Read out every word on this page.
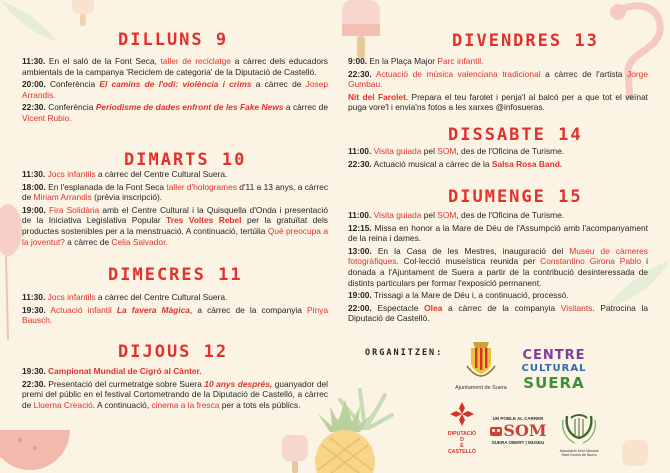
DILLUNS 9

11:30. En el saló de la Font Seca, taller de reciclatge a càrrec dels educadors ambientals de la campanya 'Reciclem de categoria' de la Diputació de Castelló.

20:00. Conferència El camins de l'odi: violència i crims a càrrec de Josep Arrandis.

22:30. Conferència Periodisme de dades enfront de les Fake News a càrrec de Vicent Rubio.

DIMARTS 10

11:30. Jocs infantils a càrrec del Centre Cultural Suera.

18:00. En l'esplanada de la Font Seca taller d'hologrames d'11 a 13 anys, a càrrec de Miriam Arrandis (prèvia inscripció).

19:00. Fira Solidària amb el Centre Cultural i la Quisquella d'Onda i presentació de la Iniciativa Legislativa Popular Tres Voltes Rebel per la gratuïtat dels productes sostenibles per a la menstruació. A continuació, tertúlia Qué preocupa a la joventut? a càrrec de Celia Salvador.

DIMECRES 11

11:30. Jocs infantils a càrrec del Centre Cultural Suera.

19:30. Actuació infantil La favera Màgica, a càrrec de la companyia Pinya Bausch.

DIJOUS 12

19:30. Campionat Mundial de Cigró al Cànter.

22:30. Presentació del curmetratge sobre Suera 10 anys després, guanyador del premi del públic en el festival Cortometrando de la Diputació de Castelló, a càrrec de Lluerna Creació. A continuació, cinema a la fresca per a tots els públics.

DIVENDRES 13

9:00. En la Plaça Major Parc infantil.

22:30. Actuació de música valenciana tradicional a càrrec de l'artista Jorge Gumbau.

Nit del Farolet. Prepara el teu farolet i penja'l al balcó per a que tot el veïnat puga vore'l i envia'ns fotos a les xarxes @infosueras.

DISSABTE 14

11:00. Visita guiada pel SOM, des de l'Oficina de Turisme.

22:30. Actuació musical a càrrec de la Salsa Rosa Band.

DIUMENGE 15

11:00. Visita guiada pel SOM, des de l'Oficina de Turisme.

12:15. Missa en honor a la Mare de Déu de l'Assumpció amb l'acompanyament de la reina i dames.

13:00. En la Casa de les Mestres, inauguració del Museu de càmeres fotogràfiques. Col·lecció museística reunida per Constantino Girona Pablo i donada a l'Ajuntament de Suera a partir de la contribució desinteressada de distints particulars per formar l'exposició permanent.

19:00. Trissagi a la Mare de Déu i, a continuació, processó.

22:00. Espectacle Olea a càrrec de la companyia Visitants. Patrocina la Diputació de Castelló.

ORGANITZEN:
Ajuntament de Suera
CENTRE
CULTURAL
SUERA
DIPUTACIÓ
D
E
CASTELLÓ
UN POBLE AL CARRER
SOM
SUERA OBERT | MUSEU
Associació Unió Musical Sant Cecília de Suera
